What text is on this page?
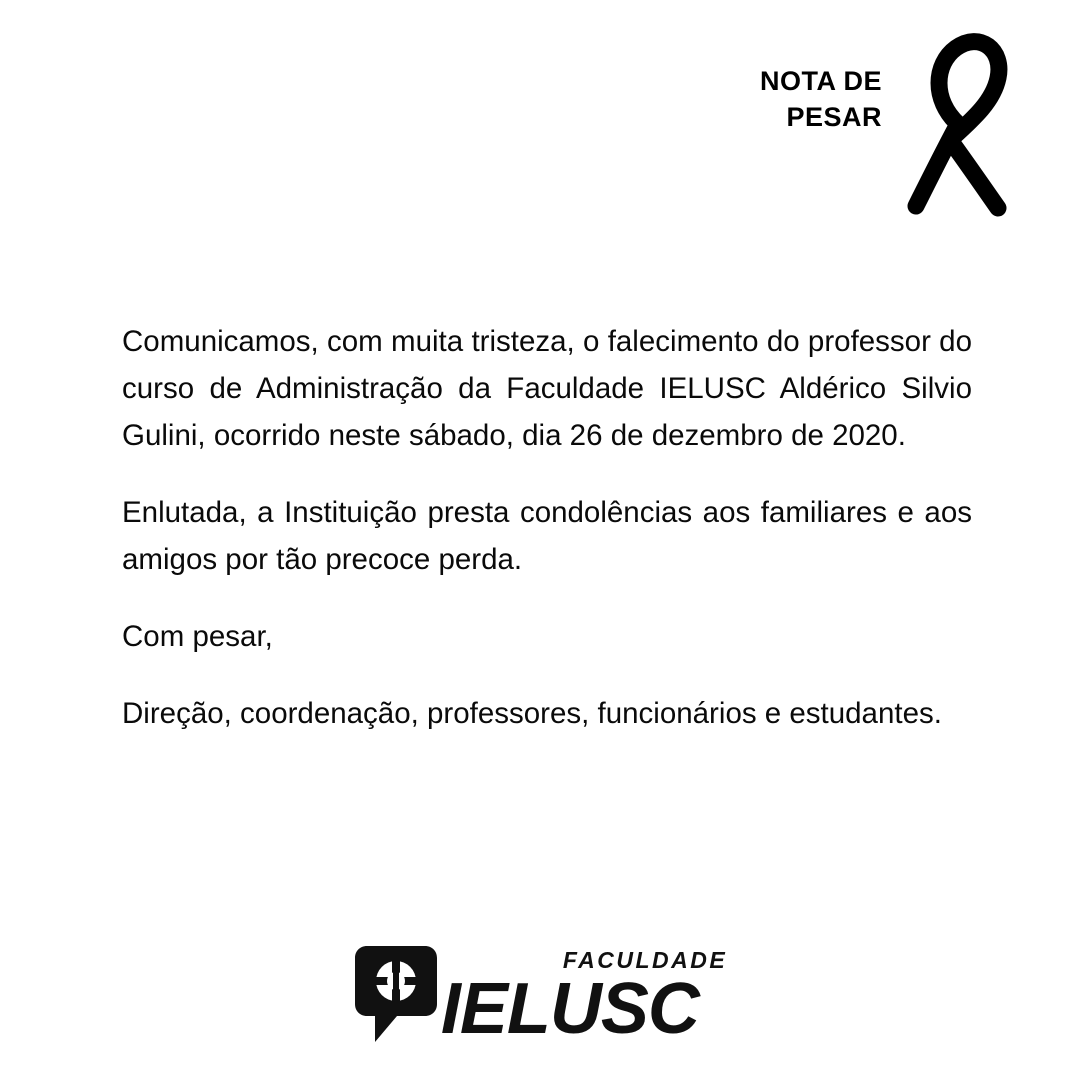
NOTA DE
PESAR

Comunicamos, com muita tristeza, o falecimento do professor do curso de Administração da Faculdade IELUSC Aldérico Silvio Gulini, ocorrido neste sábado, dia 26 de dezembro de 2020.

Enlutada, a Instituição presta condolências aos familiares e aos amigos por tão precoce perda.

Com pesar,

Direção, coordenação, professores, funcionários e estudantes.

FACULDADE
IELUSC
